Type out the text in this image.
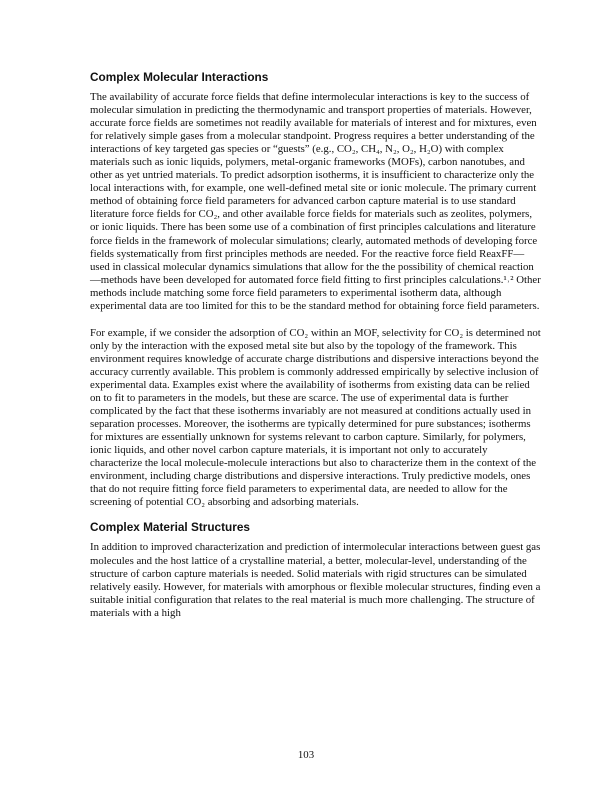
Complex Molecular Interactions

The availability of accurate force fields that define intermolecular interactions is key to the success of molecular simulation in predicting the thermodynamic and transport properties of materials. However, accurate force fields are sometimes not readily available for materials of interest and for mixtures, even for relatively simple gases from a molecular standpoint. Progress requires a better understanding of the interactions of key targeted gas species or “guests” (e.g., CO₂, CH₄, N₂, O₂, H₂O) with complex materials such as ionic liquids, polymers, metal-organic frameworks (MOFs), carbon nanotubes, and other as yet untried materials. To predict adsorption isotherms, it is insufficient to characterize only the local interactions with, for example, one well-defined metal site or ionic molecule. The primary current method of obtaining force field parameters for advanced carbon capture material is to use standard literature force fields for CO₂, and other available force fields for materials such as zeolites, polymers, or ionic liquids. There has been some use of a combination of first principles calculations and literature force fields in the framework of molecular simulations; clearly, automated methods of developing force fields systematically from first principles methods are needed. For the reactive force field ReaxFF—used in classical molecular dynamics simulations that allow for the the possibility of chemical reaction—methods have been developed for automated force field fitting to first principles calculations.¹˒² Other methods include matching some force field parameters to experimental isotherm data, although experimental data are too limited for this to be the standard method for obtaining force field parameters.

For example, if we consider the adsorption of CO₂ within an MOF, selectivity for CO₂ is determined not only by the interaction with the exposed metal site but also by the topology of the framework. This environment requires knowledge of accurate charge distributions and dispersive interactions beyond the accuracy currently available. This problem is commonly addressed empirically by selective inclusion of experimental data. Examples exist where the availability of isotherms from existing data can be relied on to fit to parameters in the models, but these are scarce. The use of experimental data is further complicated by the fact that these isotherms invariably are not measured at conditions actually used in separation processes. Moreover, the isotherms are typically determined for pure substances; isotherms for mixtures are essentially unknown for systems relevant to carbon capture. Similarly, for polymers, ionic liquids, and other novel carbon capture materials, it is important not only to accurately characterize the local molecule-molecule interactions but also to characterize them in the context of the environment, including charge distributions and dispersive interactions. Truly predictive models, ones that do not require fitting force field parameters to experimental data, are needed to allow for the screening of potential CO₂ absorbing and adsorbing materials.

Complex Material Structures

In addition to improved characterization and prediction of intermolecular interactions between guest gas molecules and the host lattice of a crystalline material, a better, molecular-level, understanding of the structure of carbon capture materials is needed. Solid materials with rigid structures can be simulated relatively easily. However, for materials with amorphous or flexible molecular structures, finding even a suitable initial configuration that relates to the real material is much more challenging. The structure of materials with a high

103
